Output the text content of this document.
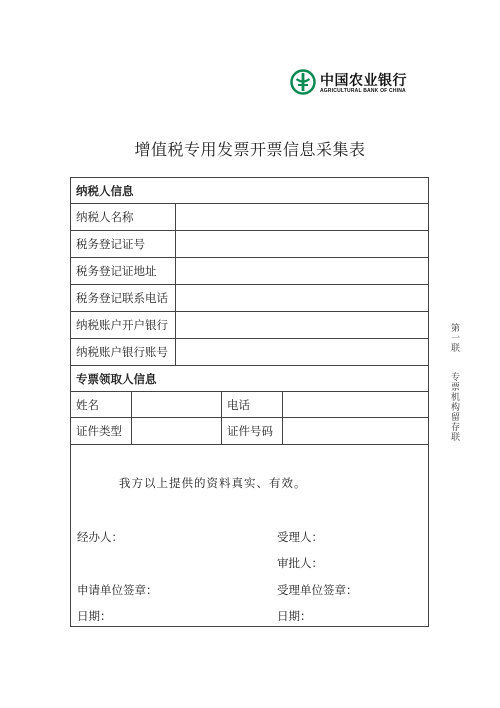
中国农业银行
AGRICULTURAL BANK OF CHINA
增值税专用发票开票信息采集表
纳税人信息
纳税人名称
税务登记证号
税务登记证地址
税务登记联系电话
纳税账户开户银行
纳税账户银行账号
专票领取人信息
姓名	电话
证件类型	证件号码
我方以上提供的资料真实、有效。
经办人：	受理人：
审批人：
申请单位签章：	受理单位签章：
日期：	日期：
第一联
专票机构留存联
